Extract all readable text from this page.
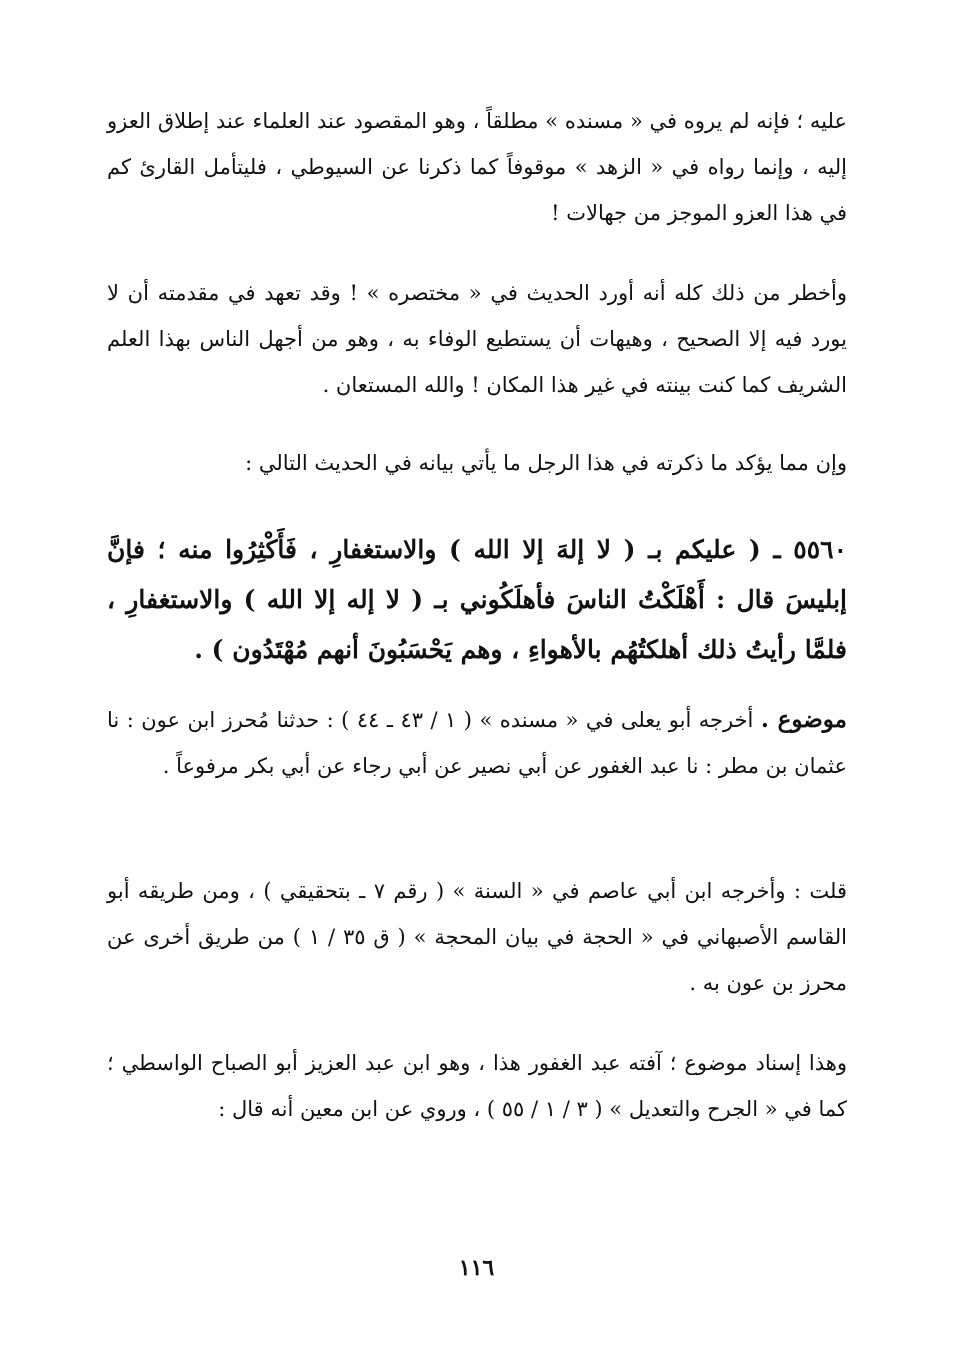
عليه ؛ فإنه لم يروه في « مسنده » مطلقاً ، وهو المقصود عند العلماء عند إطلاق العزو إليه ، وإنما رواه في « الزهد » موقوفاً كما ذكرنا عن السيوطي ، فليتأمل القارئ كم في هذا العزو الموجز من جهالات !

وأخطر من ذلك كله أنه أورد الحديث في « مختصره » ! وقد تعهد في مقدمته أن لا يورد فيه إلا الصحيح ، وهيهات أن يستطيع الوفاء به ، وهو من أجهل الناس بهذا العلم الشريف كما كنت بينته في غير هذا المكان ! والله المستعان .

وإن مما يؤكد ما ذكرته في هذا الرجل ما يأتي بيانه في الحديث التالي :

٥٥٦٠ ـ ( عليكم بـ ( لا إلهَ إلا الله ) والاستغفارِ ، فَأَكْثِرُوا منه ؛ فإنَّ إبليسَ قال : أَهْلَكْتُ الناسَ فأهلَكُوني بـ ( لا إله إلا الله ) والاستغفارِ ، فلمَّا رأيتُ ذلك أهلكتُهُم بالأهواءِ ، وهم يَحْسَبُونَ أنهم مُهْتَدُون ) .

موضوع . أخرجه أبو يعلى في « مسنده » ( ١ / ٤٣ ـ ٤٤ ) : حدثنا مُحرز ابن عون : نا عثمان بن مطر : نا عبد الغفور عن أبي نصير عن أبي رجاء عن أبي بكر مرفوعاً .

قلت : وأخرجه ابن أبي عاصم في « السنة » ( رقم ٧ ـ بتحقيقي ) ، ومن طريقه أبو القاسم الأصبهاني في « الحجة في بيان المحجة » ( ق ٣٥ / ١ ) من طريق أخرى عن محرز بن عون به .

وهذا إسناد موضوع ؛ آفته عبد الغفور هذا ، وهو ابن عبد العزيز أبو الصباح الواسطي ؛ كما في « الجرح والتعديل » ( ٣ / ١ / ٥٥ ) ، وروي عن ابن معين أنه قال :

١١٦
